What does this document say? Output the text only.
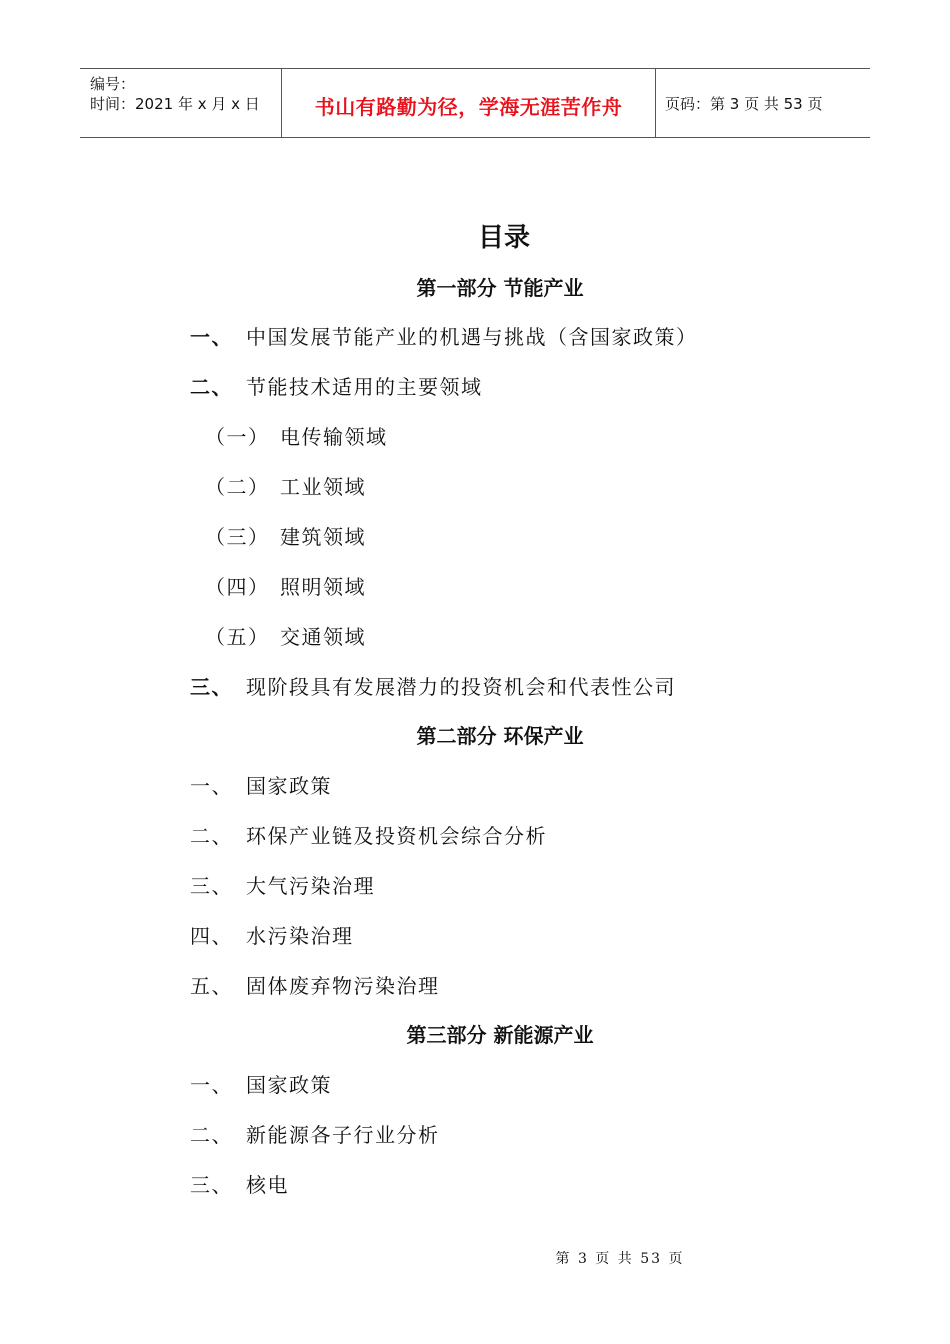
编号：
时间：2021 年 x 月 x 日	书山有路勤为径，学海无涯苦作舟	页码：第 3 页 共 53 页
目录
第一部分 节能产业
一、 中国发展节能产业的机遇与挑战（含国家政策）
二、 节能技术适用的主要领域
（一） 电传输领域
（二） 工业领域
（三） 建筑领域
（四） 照明领域
（五） 交通领域
三、 现阶段具有发展潜力的投资机会和代表性公司
第二部分 环保产业
一、 国家政策
二、 环保产业链及投资机会综合分析
三、 大气污染治理
四、 水污染治理
五、 固体废弃物污染治理
第三部分 新能源产业
一、 国家政策
二、 新能源各子行业分析
三、 核电
第 3 页 共 53 页
